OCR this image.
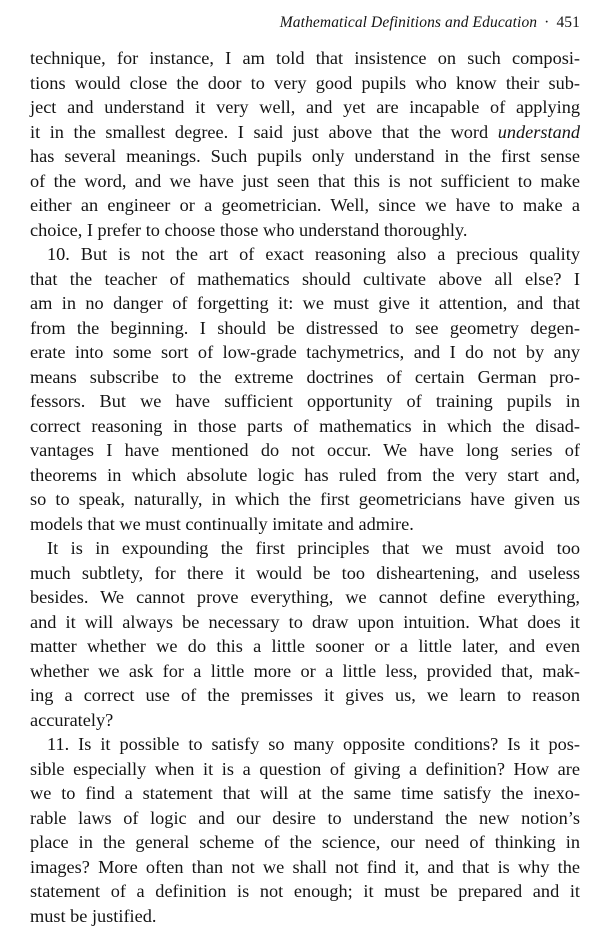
Mathematical Definitions and Education · 451
technique, for instance, I am told that insistence on such composi-
tions would close the door to very good pupils who know their sub-
ject and understand it very well, and yet are incapable of applying
it in the smallest degree. I said just above that the word understand
has several meanings. Such pupils only understand in the first sense
of the word, and we have just seen that this is not sufficient to make
either an engineer or a geometrician. Well, since we have to make a
choice, I prefer to choose those who understand thoroughly.
10. But is not the art of exact reasoning also a precious quality
that the teacher of mathematics should cultivate above all else? I
am in no danger of forgetting it: we must give it attention, and that
from the beginning. I should be distressed to see geometry degen-
erate into some sort of low-grade tachymetrics, and I do not by any
means subscribe to the extreme doctrines of certain German pro-
fessors. But we have sufficient opportunity of training pupils in
correct reasoning in those parts of mathematics in which the disad-
vantages I have mentioned do not occur. We have long series of
theorems in which absolute logic has ruled from the very start and,
so to speak, naturally, in which the first geometricians have given us
models that we must continually imitate and admire.
It is in expounding the first principles that we must avoid too
much subtlety, for there it would be too disheartening, and useless
besides. We cannot prove everything, we cannot define everything,
and it will always be necessary to draw upon intuition. What does it
matter whether we do this a little sooner or a little later, and even
whether we ask for a little more or a little less, provided that, mak-
ing a correct use of the premisses it gives us, we learn to reason
accurately?
11. Is it possible to satisfy so many opposite conditions? Is it pos-
sible especially when it is a question of giving a definition? How are
we to find a statement that will at the same time satisfy the inexo-
rable laws of logic and our desire to understand the new notion’s
place in the general scheme of the science, our need of thinking in
images? More often than not we shall not find it, and that is why the
statement of a definition is not enough; it must be prepared and it
must be justified.
